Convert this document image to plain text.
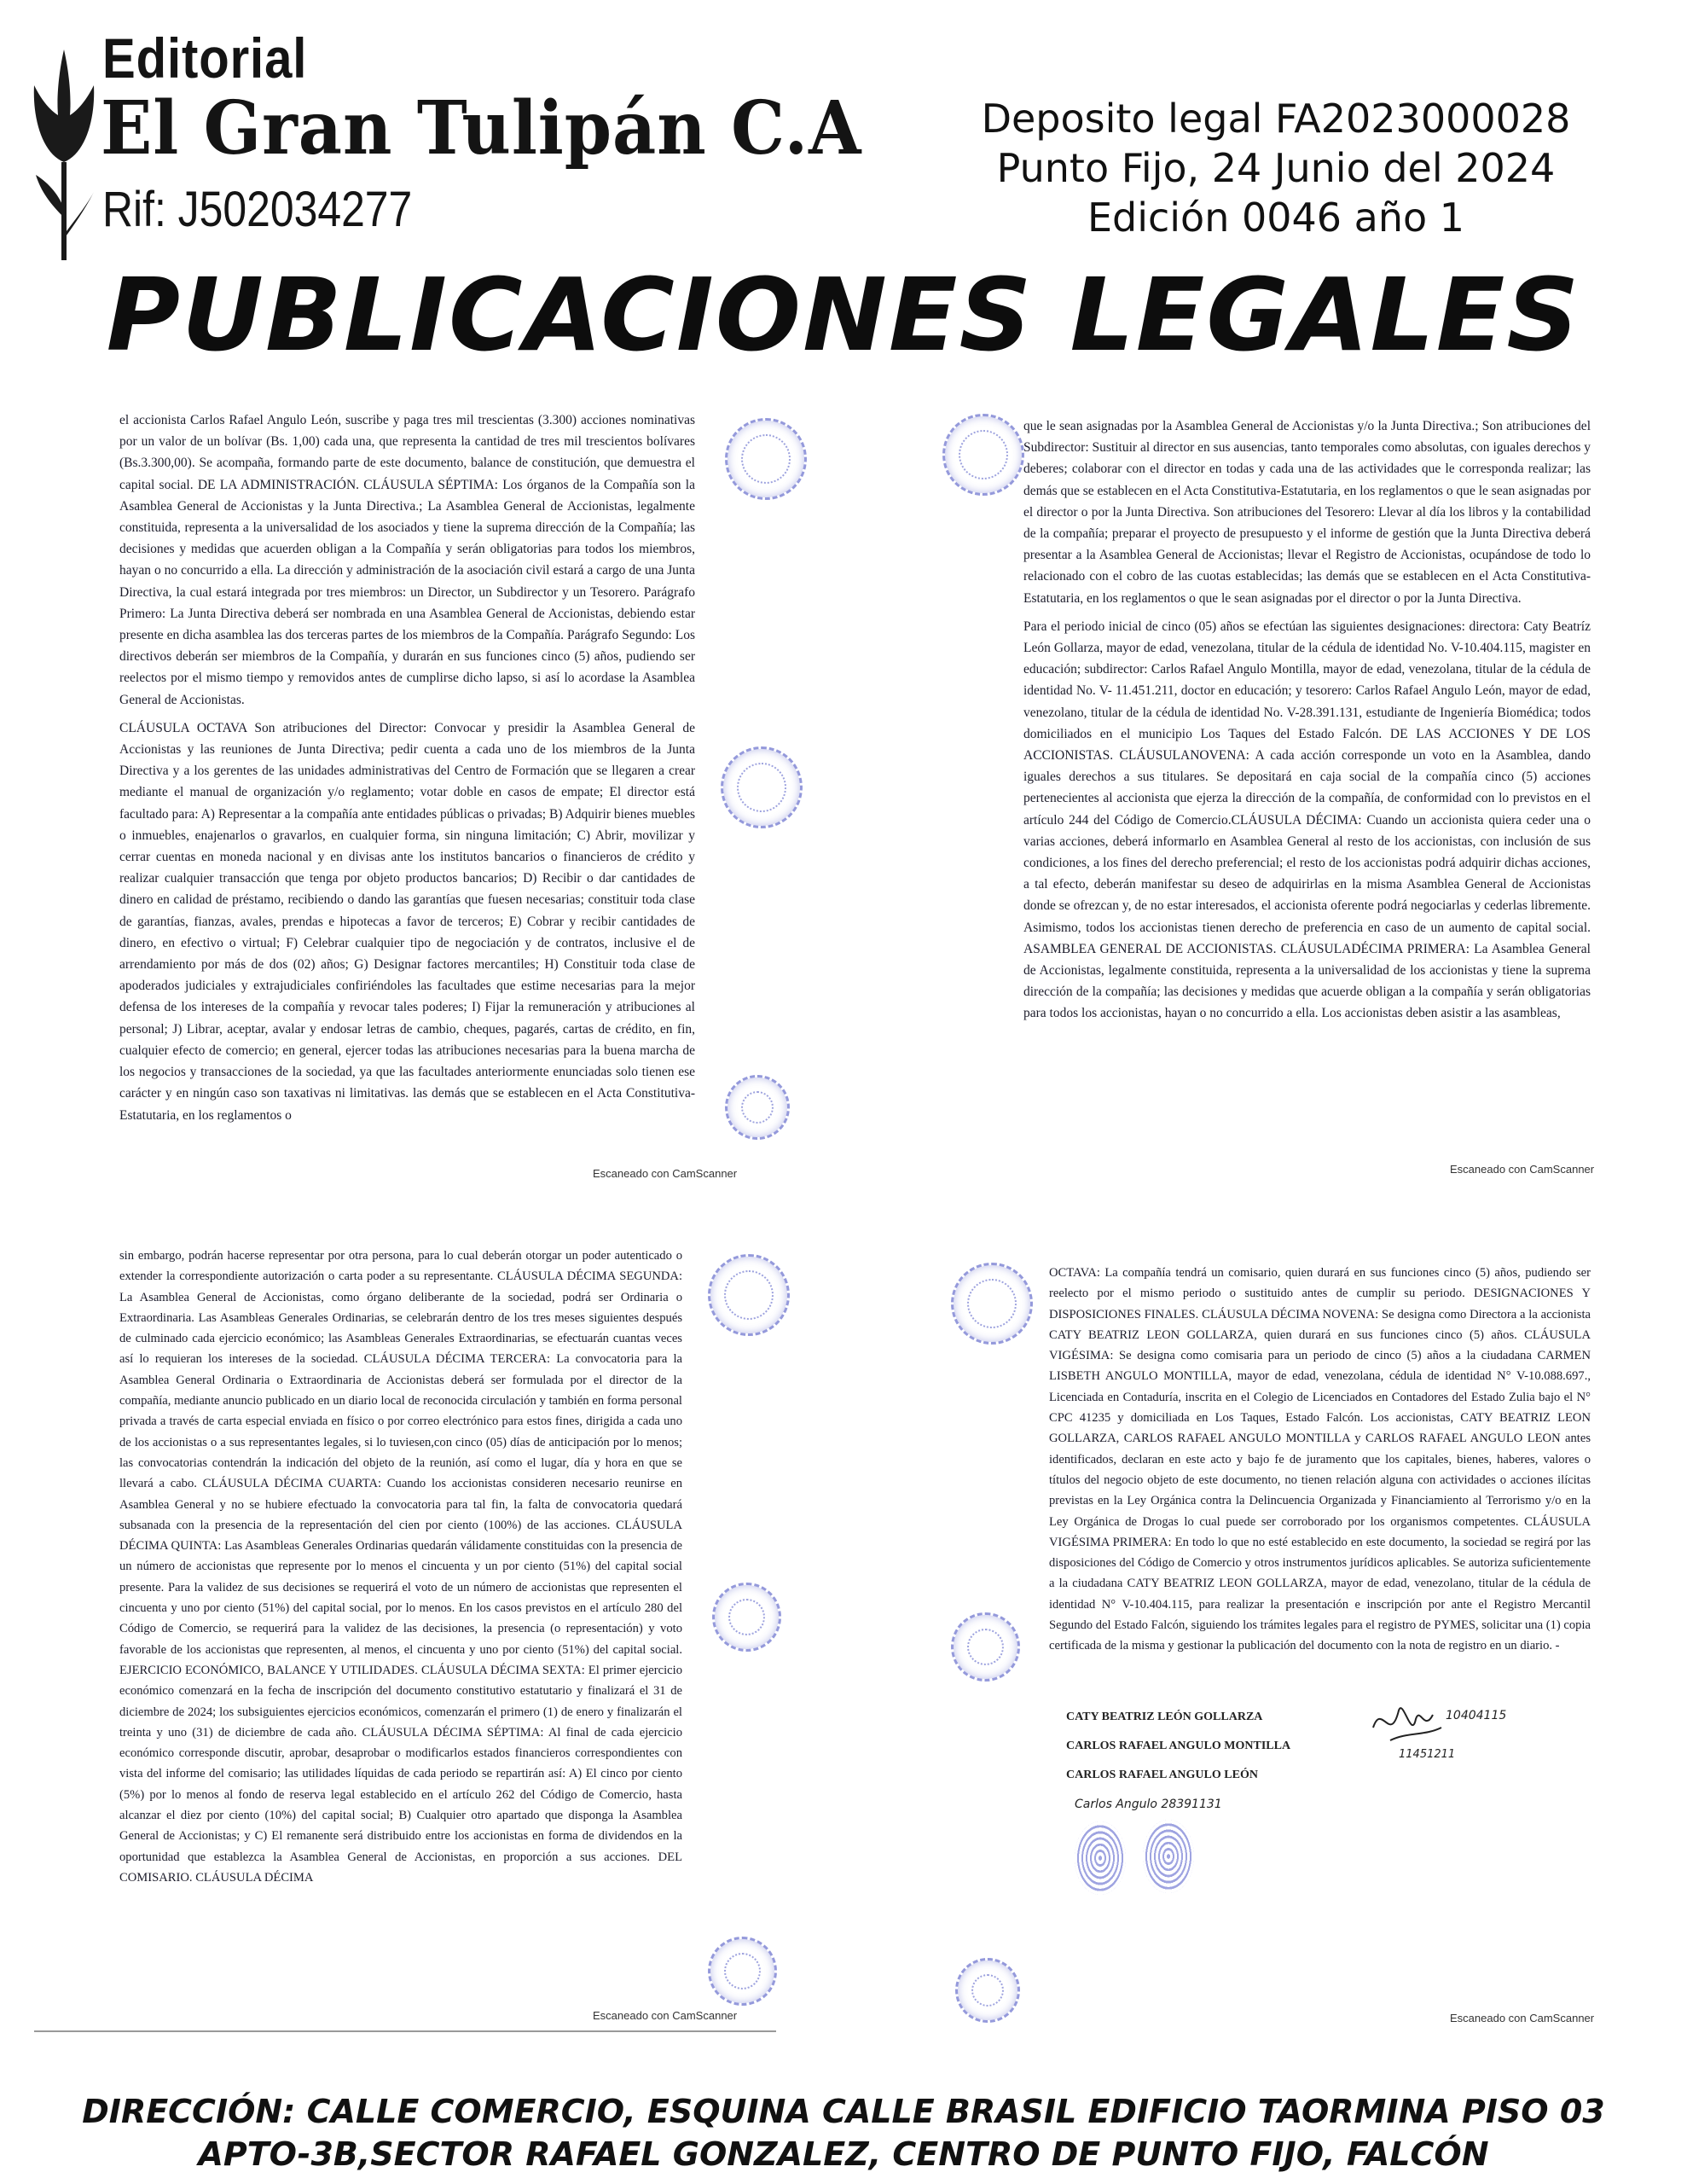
Editorial
El Gran Tulipán C.A
Rif: J502034277
Deposito legal FA2023000028
Punto Fijo, 24 Junio del 2024
Edición 0046 año 1
PUBLICACIONES LEGALES

el accionista Carlos Rafael Angulo León, suscribe y paga tres mil trescientas (3.300) acciones nominativas por un valor de un bolívar (Bs. 1,00) cada una, que representa la cantidad de tres mil trescientos bolívares (Bs.3.300,00). Se acompaña, formando parte de este documento, balance de constitución, que demuestra el capital social. DE LA ADMINISTRACIÓN. CLÁUSULA SÉPTIMA: Los órganos de la Compañía son la Asamblea General de Accionistas y la Junta Directiva.; La Asamblea General de Accionistas, legalmente constituida, representa a la universalidad de los asociados y tiene la suprema dirección de la Compañía; las decisiones y medidas que acuerden obligan a la Compañía y serán obligatorias para todos los miembros, hayan o no concurrido a ella. La dirección y administración de la asociación civil estará a cargo de una Junta Directiva, la cual estará integrada por tres miembros: un Director, un Subdirector y un Tesorero. Parágrafo Primero: La Junta Directiva deberá ser nombrada en una Asamblea General de Accionistas, debiendo estar presente en dicha asamblea las dos terceras partes de los miembros de la Compañía. Parágrafo Segundo: Los directivos deberán ser miembros de la Compañía, y durarán en sus funciones cinco (5) años, pudiendo ser reelectos por el mismo tiempo y removidos antes de cumplirse dicho lapso, si así lo acordase la Asamblea General de Accionistas.

CLÁUSULA OCTAVA Son atribuciones del Director: Convocar y presidir la Asamblea General de Accionistas y las reuniones de Junta Directiva; pedir cuenta a cada uno de los miembros de la Junta Directiva y a los gerentes de las unidades administrativas del Centro de Formación que se llegaren a crear mediante el manual de organización y/o reglamento; votar doble en casos de empate; El director está facultado para: A) Representar a la compañía ante entidades públicas o privadas; B) Adquirir bienes muebles o inmuebles, enajenarlos o gravarlos, en cualquier forma, sin ninguna limitación; C) Abrir, movilizar y cerrar cuentas en moneda nacional y en divisas ante los institutos bancarios o financieros de crédito y realizar cualquier transacción que tenga por objeto productos bancarios; D) Recibir o dar cantidades de dinero en calidad de préstamo, recibiendo o dando las garantías que fuesen necesarias; constituir toda clase de garantías, fianzas, avales, prendas e hipotecas a favor de terceros; E) Cobrar y recibir cantidades de dinero, en efectivo o virtual; F) Celebrar cualquier tipo de negociación y de contratos, inclusive el de arrendamiento por más de dos (02) años; G) Designar factores mercantiles; H) Constituir toda clase de apoderados judiciales y extrajudiciales confiriéndoles las facultades que estime necesarias para la mejor defensa de los intereses de la compañía y revocar tales poderes; I) Fijar la remuneración y atribuciones al personal; J) Librar, aceptar, avalar y endosar letras de cambio, cheques, pagarés, cartas de crédito, en fin, cualquier efecto de comercio; en general, ejercer todas las atribuciones necesarias para la buena marcha de los negocios y transacciones de la sociedad, ya que las facultades anteriormente enunciadas solo tienen ese carácter y en ningún caso son taxativas ni limitativas. las demás que se establecen en el Acta Constitutiva-Estatutaria, en los reglamentos o

Escaneado con CamScanner

que le sean asignadas por la Asamblea General de Accionistas y/o la Junta Directiva.; Son atribuciones del Subdirector: Sustituir al director en sus ausencias, tanto temporales como absolutas, con iguales derechos y deberes; colaborar con el director en todas y cada una de las actividades que le corresponda realizar; las demás que se establecen en el Acta Constitutiva-Estatutaria, en los reglamentos o que le sean asignadas por el director o por la Junta Directiva. Son atribuciones del Tesorero: Llevar al día los libros y la contabilidad de la compañía; preparar el proyecto de presupuesto y el informe de gestión que la Junta Directiva deberá presentar a la Asamblea General de Accionistas; llevar el Registro de Accionistas, ocupándose de todo lo relacionado con el cobro de las cuotas establecidas; las demás que se establecen en el Acta Constitutiva-Estatutaria, en los reglamentos o que le sean asignadas por el director o por la Junta Directiva.

Para el periodo inicial de cinco (05) años se efectúan las siguientes designaciones: directora: Caty Beatríz León Gollarza, mayor de edad, venezolana, titular de la cédula de identidad No. V-10.404.115, magister en educación; subdirector: Carlos Rafael Angulo Montilla, mayor de edad, venezolana, titular de la cédula de identidad No. V- 11.451.211, doctor en educación; y tesorero: Carlos Rafael Angulo León, mayor de edad, venezolano, titular de la cédula de identidad No. V-28.391.131, estudiante de Ingeniería Biomédica; todos domiciliados en el municipio Los Taques del Estado Falcón. DE LAS ACCIONES Y DE LOS ACCIONISTAS. CLÁUSULANOVENA: A cada acción corresponde un voto en la Asamblea, dando iguales derechos a sus titulares. Se depositará en caja social de la compañía cinco (5) acciones pertenecientes al accionista que ejerza la dirección de la compañía, de conformidad con lo previstos en el artículo 244 del Código de Comercio.CLÁUSULA DÉCIMA: Cuando un accionista quiera ceder una o varias acciones, deberá informarlo en Asamblea General al resto de los accionistas, con inclusión de sus condiciones, a los fines del derecho preferencial; el resto de los accionistas podrá adquirir dichas acciones, a tal efecto, deberán manifestar su deseo de adquirirlas en la misma Asamblea General de Accionistas donde se ofrezcan y, de no estar interesados, el accionista oferente podrá negociarlas y cederlas libremente. Asimismo, todos los accionistas tienen derecho de preferencia en caso de un aumento de capital social. ASAMBLEA GENERAL DE ACCIONISTAS. CLÁUSULADÉCIMA PRIMERA: La Asamblea General de Accionistas, legalmente constituida, representa a la universalidad de los accionistas y tiene la suprema dirección de la compañía; las decisiones y medidas que acuerde obligan a la compañía y serán obligatorias para todos los accionistas, hayan o no concurrido a ella. Los accionistas deben asistir a las asambleas,

Escaneado con CamScanner

sin embargo, podrán hacerse representar por otra persona, para lo cual deberán otorgar un poder autenticado o extender la correspondiente autorización o carta poder a su representante. CLÁUSULA DÉCIMA SEGUNDA: La Asamblea General de Accionistas, como órgano deliberante de la sociedad, podrá ser Ordinaria o Extraordinaria. Las Asambleas Generales Ordinarias, se celebrarán dentro de los tres meses siguientes después de culminado cada ejercicio económico; las Asambleas Generales Extraordinarias, se efectuarán cuantas veces así lo requieran los intereses de la sociedad. CLÁUSULA DÉCIMA TERCERA: La convocatoria para la Asamblea General Ordinaria o Extraordinaria de Accionistas deberá ser formulada por el director de la compañía, mediante anuncio publicado en un diario local de reconocida circulación y también en forma personal privada a través de carta especial enviada en físico o por correo electrónico para estos fines, dirigida a cada uno de los accionistas o a sus representantes legales, si lo tuviesen,con cinco (05) días de anticipación por lo menos; las convocatorias contendrán la indicación del objeto de la reunión, así como el lugar, día y hora en que se llevará a cabo. CLÁUSULA DÉCIMA CUARTA: Cuando los accionistas consideren necesario reunirse en Asamblea General y no se hubiere efectuado la convocatoria para tal fin, la falta de convocatoria quedará subsanada con la presencia de la representación del cien por ciento (100%) de las acciones. CLÁUSULA DÉCIMA QUINTA: Las Asambleas Generales Ordinarias quedarán válidamente constituidas con la presencia de un número de accionistas que represente por lo menos el cincuenta y un por ciento (51%) del capital social presente. Para la validez de sus decisiones se requerirá el voto de un número de accionistas que representen el cincuenta y uno por ciento (51%) del capital social, por lo menos. En los casos previstos en el artículo 280 del Código de Comercio, se requerirá para la validez de las decisiones, la presencia (o representación) y voto favorable de los accionistas que representen, al menos, el cincuenta y uno por ciento (51%) del capital social. EJERCICIO ECONÓMICO, BALANCE Y UTILIDADES. CLÁUSULA DÉCIMA SEXTA: El primer ejercicio económico comenzará en la fecha de inscripción del documento constitutivo estatutario y finalizará el 31 de diciembre de 2024; los subsiguientes ejercicios económicos, comenzarán el primero (1) de enero y finalizarán el treinta y uno (31) de diciembre de cada año. CLÁUSULA DÉCIMA SÉPTIMA: Al final de cada ejercicio económico corresponde discutir, aprobar, desaprobar o modificarlos estados financieros correspondientes con vista del informe del comisario; las utilidades líquidas de cada periodo se repartirán así: A) El cinco por ciento (5%) por lo menos al fondo de reserva legal establecido en el artículo 262 del Código de Comercio, hasta alcanzar el diez por ciento (10%) del capital social; B) Cualquier otro apartado que disponga la Asamblea General de Accionistas; y C) El remanente será distribuido entre los accionistas en forma de dividendos en la oportunidad que establezca la Asamblea General de Accionistas, en proporción a sus acciones. DEL COMISARIO. CLÁUSULA DÉCIMA

Escaneado con CamScanner

OCTAVA: La compañía tendrá un comisario, quien durará en sus funciones cinco (5) años, pudiendo ser reelecto por el mismo periodo o sustituido antes de cumplir su periodo. DESIGNACIONES Y DISPOSICIONES FINALES. CLÁUSULA DÉCIMA NOVENA: Se designa como Directora a la accionista CATY BEATRIZ LEON GOLLARZA, quien durará en sus funciones cinco (5) años. CLÁUSULA VIGÉSIMA: Se designa como comisaria para un periodo de cinco (5) años a la ciudadana CARMEN LISBETH ANGULO MONTILLA, mayor de edad, venezolana, cédula de identidad N° V-10.088.697., Licenciada en Contaduría, inscrita en el Colegio de Licenciados en Contadores del Estado Zulia bajo el N° CPC 41235 y domiciliada en Los Taques, Estado Falcón. Los accionistas, CATY BEATRIZ LEON GOLLARZA, CARLOS RAFAEL ANGULO MONTILLA y CARLOS RAFAEL ANGULO LEON antes identificados, declaran en este acto y bajo fe de juramento que los capitales, bienes, haberes, valores o títulos del negocio objeto de este documento, no tienen relación alguna con actividades o acciones ilícitas previstas en la Ley Orgánica contra la Delincuencia Organizada y Financiamiento al Terrorismo y/o en la Ley Orgánica de Drogas lo cual puede ser corroborado por los organismos competentes. CLÁUSULA VIGÉSIMA PRIMERA: En todo lo que no esté establecido en este documento, la sociedad se regirá por las disposiciones del Código de Comercio y otros instrumentos jurídicos aplicables. Se autoriza suficientemente a la ciudadana CATY BEATRIZ LEON GOLLARZA, mayor de edad, venezolano, titular de la cédula de identidad N° V-10.404.115, para realizar la presentación e inscripción por ante el Registro Mercantil Segundo del Estado Falcón, siguiendo los trámites legales para el registro de PYMES, solicitar una (1) copia certificada de la misma y gestionar la publicación del documento con la nota de registro en un diario. -

Escaneado con CamScanner
CATY BEATRIZ LEÓN GOLLARZA
CARLOS RAFAEL ANGULO MONTILLA
CARLOS RAFAEL ANGULO LEÓN
10404115
11451211
Carlos Angulo 28391131
DIRECCIÓN: CALLE COMERCIO, ESQUINA CALLE BRASIL EDIFICIO TAORMINA PISO 03
APTO-3B,SECTOR RAFAEL GONZALEZ, CENTRO DE PUNTO FIJO, FALCÓN
